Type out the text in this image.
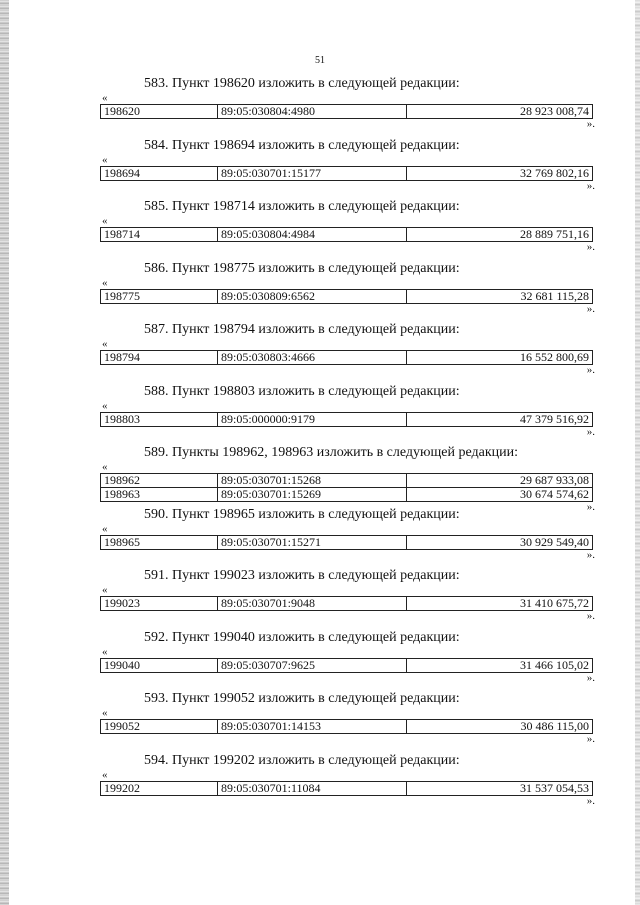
51

583. Пункт 198620 изложить в следующей редакции:

«
198620	89:05:030804:4980	28 923 008,74
».

584. Пункт 198694 изложить в следующей редакции:

«
198694	89:05:030701:15177	32 769 802,16
».

585. Пункт 198714 изложить в следующей редакции:

«
198714	89:05:030804:4984	28 889 751,16
».

586. Пункт 198775 изложить в следующей редакции:

«
198775	89:05:030809:6562	32 681 115,28
».

587. Пункт 198794 изложить в следующей редакции:

«
198794	89:05:030803:4666	16 552 800,69
».

588. Пункт 198803 изложить в следующей редакции:

«
198803	89:05:000000:9179	47 379 516,92
».

589. Пункты 198962, 198963 изложить в следующей редакции:

«
198962	89:05:030701:15268	29 687 933,08
198963	89:05:030701:15269	30 674 574,62
».

590. Пункт 198965 изложить в следующей редакции:

«
198965	89:05:030701:15271	30 929 549,40
».

591. Пункт 199023 изложить в следующей редакции:

«
199023	89:05:030701:9048	31 410 675,72
».

592. Пункт 199040 изложить в следующей редакции:

«
199040	89:05:030707:9625	31 466 105,02
».

593. Пункт 199052 изложить в следующей редакции:

«
199052	89:05:030701:14153	30 486 115,00
».

594. Пункт 199202 изложить в следующей редакции:

«
199202	89:05:030701:11084	31 537 054,53
».
